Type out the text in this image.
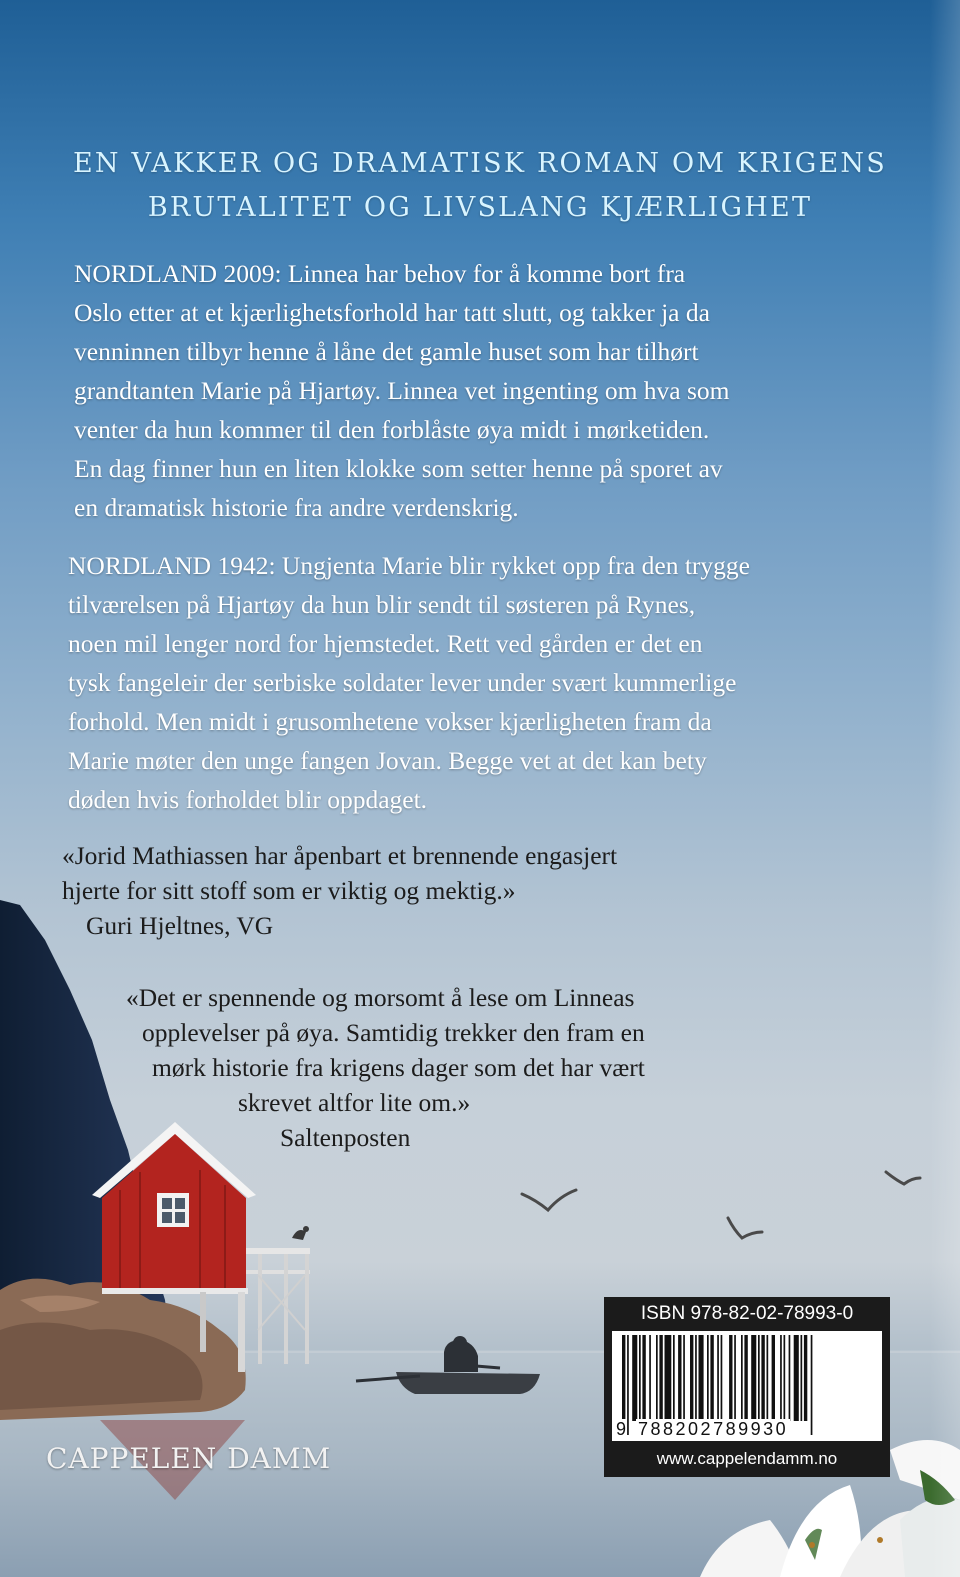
EN VAKKER OG DRAMATISK ROMAN OM KRIGENS
BRUTALITET OG LIVSLANG KJÆRLIGHET
NORDLAND 2009: Linnea har behov for å komme bort fra
Oslo etter at et kjærlighetsforhold har tatt slutt, og takker ja da
venninnen tilbyr henne å låne det gamle huset som har tilhørt
grandtanten Marie på Hjartøy. Linnea vet ingenting om hva som
venter da hun kommer til den forblåste øya midt i mørketiden.
En dag finner hun en liten klokke som setter henne på sporet av
en dramatisk historie fra andre verdenskrig.
NORDLAND 1942: Ungjenta Marie blir rykket opp fra den trygge
tilværelsen på Hjartøy da hun blir sendt til søsteren på Rynes,
noen mil lenger nord for hjemstedet. Rett ved gården er det en
tysk fangeleir der serbiske soldater lever under svært kummerlige
forhold. Men midt i grusomhetene vokser kjærligheten fram da
Marie møter den unge fangen Jovan. Begge vet at det kan bety
døden hvis forholdet blir oppdaget.
«Jorid Mathiassen har åpenbart et brennende engasjert
hjerte for sitt stoff som er viktig og mektig.»
Guri Hjeltnes, VG
«Det er spennende og morsomt å lese om Linneas
opplevelser på øya. Samtidig trekker den fram en
mørk historie fra krigens dager som det har vært
skrevet altfor lite om.»
Saltenposten
CAPPELEN DAMM
ISBN 978-82-02-78993-0
9 788202789930
www.cappelendamm.no
